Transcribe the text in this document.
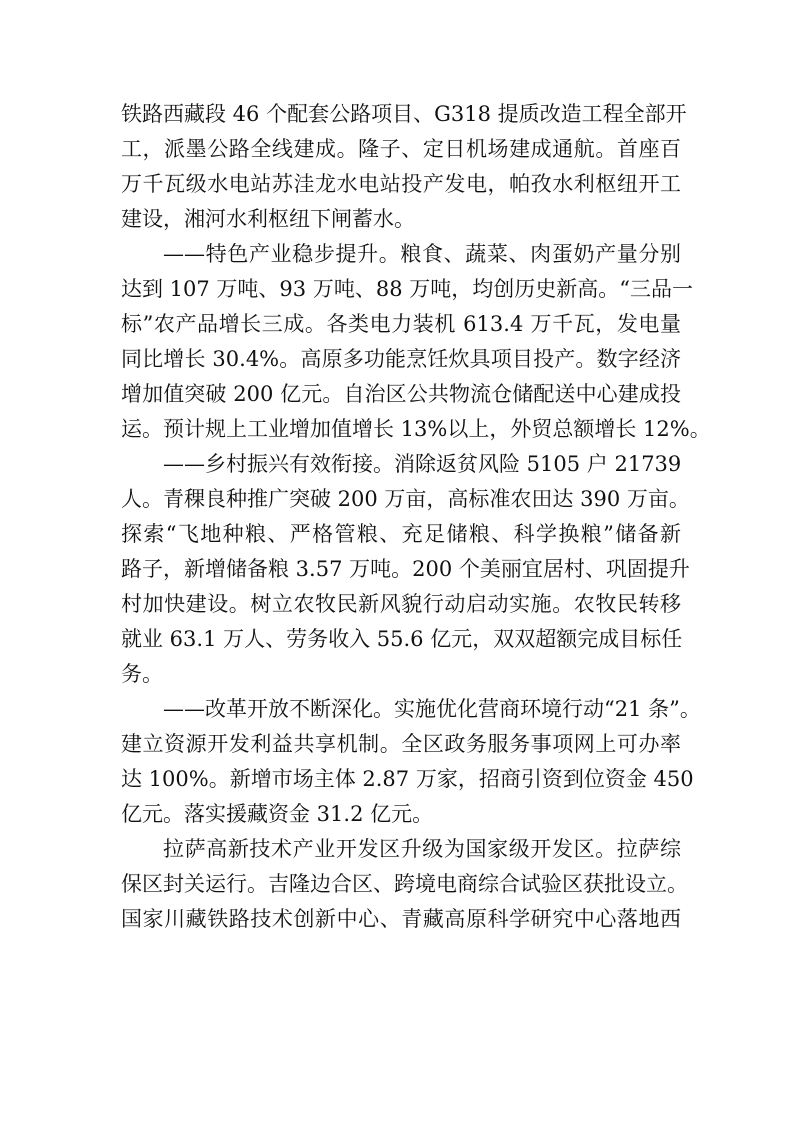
铁路西藏段 46 个配套公路项目、G318 提质改造工程全部开
工，派墨公路全线建成。隆子、定日机场建成通航。首座百
万千瓦级水电站苏洼龙水电站投产发电，帕孜水利枢纽开工
建设，湘河水利枢纽下闸蓄水。
——特色产业稳步提升。粮食、蔬菜、肉蛋奶产量分别
达到 107 万吨、93 万吨、88 万吨，均创历史新高。“三品一
标”农产品增长三成。各类电力装机 613.4 万千瓦，发电量
同比增长 30.4%。高原多功能烹饪炊具项目投产。数字经济
增加值突破 200 亿元。自治区公共物流仓储配送中心建成投
运。预计规上工业增加值增长 13%以上，外贸总额增长 12%。
——乡村振兴有效衔接。消除返贫风险 5105 户 21739
人。青稞良种推广突破 200 万亩，高标准农田达 390 万亩。
探索“飞地种粮、严格管粮、充足储粮、科学换粮”储备新
路子，新增储备粮 3.57 万吨。200 个美丽宜居村、巩固提升
村加快建设。树立农牧民新风貌行动启动实施。农牧民转移
就业 63.1 万人、劳务收入 55.6 亿元，双双超额完成目标任
务。
——改革开放不断深化。实施优化营商环境行动“21 条”。
建立资源开发利益共享机制。全区政务服务事项网上可办率
达 100%。新增市场主体 2.87 万家，招商引资到位资金 450
亿元。落实援藏资金 31.2 亿元。
拉萨高新技术产业开发区升级为国家级开发区。拉萨综
保区封关运行。吉隆边合区、跨境电商综合试验区获批设立。
国家川藏铁路技术创新中心、青藏高原科学研究中心落地西
